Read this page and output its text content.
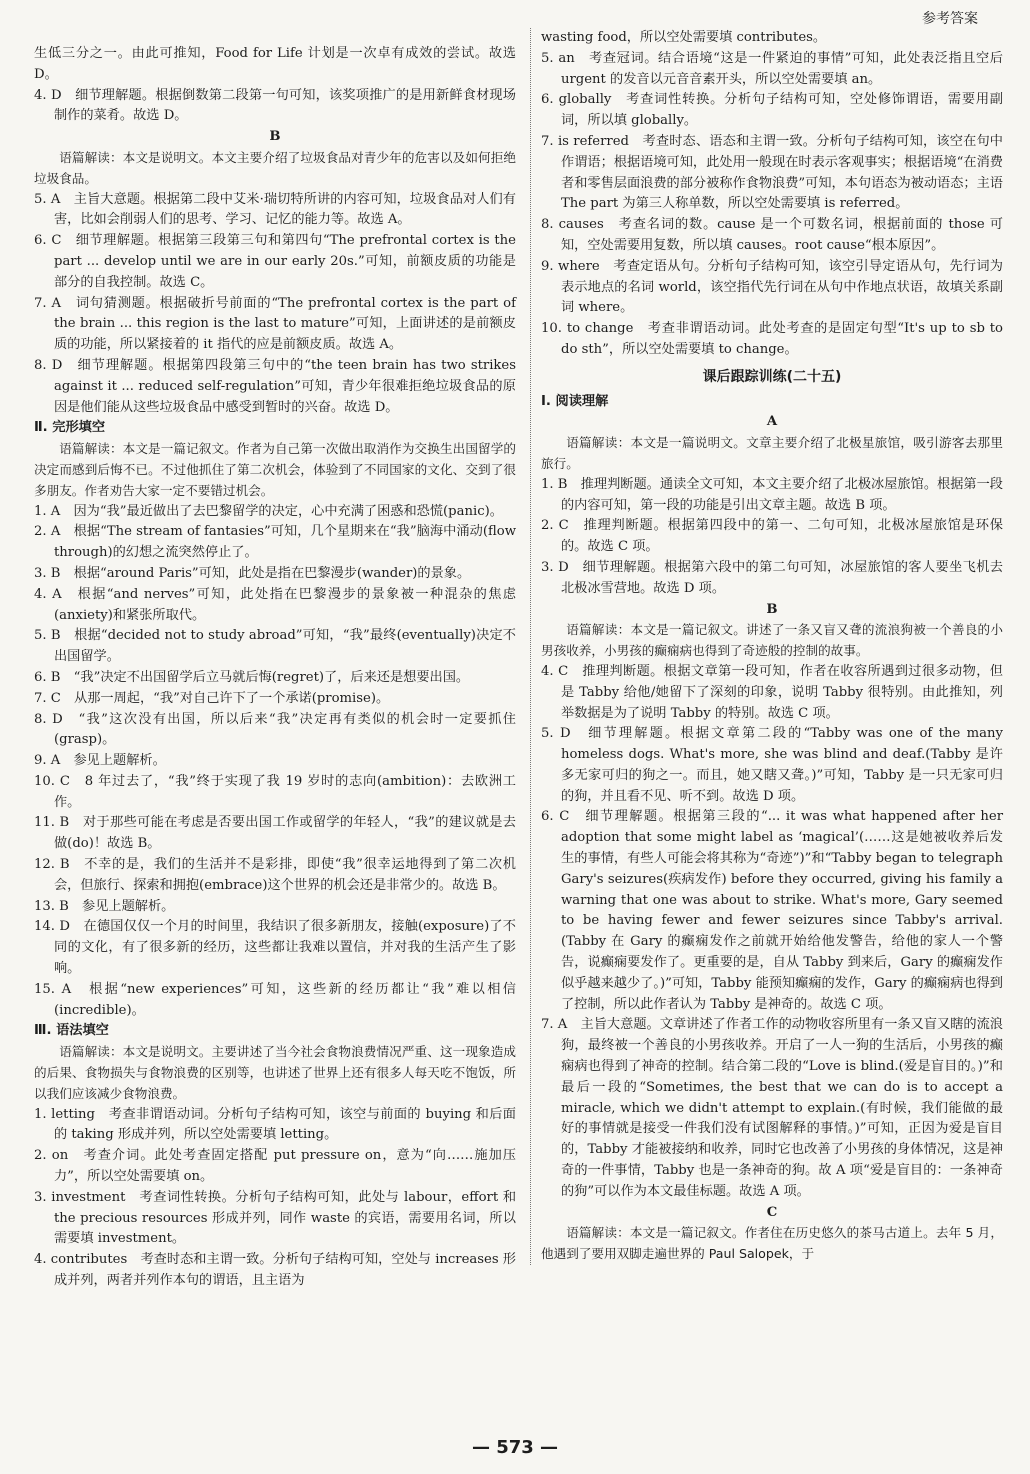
参考答案
生低三分之一。由此可推知，Food for Life 计划是一次卓有成效的尝试。故选 D。
4. D　细节理解题。根据倒数第二段第一句可知，该奖项推广的是用新鲜食材现场制作的菜肴。故选 D。
B
语篇解读：本文是说明文。本文主要介绍了垃圾食品对青少年的危害以及如何拒绝垃圾食品。
5. A　主旨大意题。根据第二段中艾米·瑞切特所讲的内容可知，垃圾食品对人们有害，比如会削弱人们的思考、学习、记忆的能力等。故选 A。
6. C　细节理解题。根据第三段第三句和第四句“The prefrontal cortex is the part ... develop until we are in our early 20s.”可知，前额皮质的功能是部分的自我控制。故选 C。
7. A　词句猜测题。根据破折号前面的“The prefrontal cortex is the part of the brain ... this region is the last to mature”可知，上面讲述的是前额皮质的功能，所以紧接着的 it 指代的应是前额皮质。故选 A。
8. D　细节理解题。根据第四段第三句中的“the teen brain has two strikes against it ... reduced self-regulation”可知，青少年很难拒绝垃圾食品的原因是他们能从这些垃圾食品中感受到暂时的兴奋。故选 D。
Ⅱ. 完形填空
语篇解读：本文是一篇记叙文。作者为自己第一次做出取消作为交换生出国留学的决定而感到后悔不已。不过他抓住了第二次机会，体验到了不同国家的文化、交到了很多朋友。作者劝告大家一定不要错过机会。
1. A　因为“我”最近做出了去巴黎留学的决定，心中充满了困惑和恐慌(panic)。
2. A　根据“The stream of fantasies”可知，几个星期来在“我”脑海中涌动(flow through)的幻想之流突然停止了。
3. B　根据“around Paris”可知，此处是指在巴黎漫步(wander)的景象。
4. A　根据“and nerves”可知，此处指在巴黎漫步的景象被一种混杂的焦虑(anxiety)和紧张所取代。
5. B　根据“decided not to study abroad”可知，“我”最终(eventually)决定不出国留学。
6. B　“我”决定不出国留学后立马就后悔(regret)了，后来还是想要出国。
7. C　从那一周起，“我”对自己许下了一个承诺(promise)。
8. D　“我”这次没有出国，所以后来“我”决定再有类似的机会时一定要抓住(grasp)。
9. A　参见上题解析。
10. C　8 年过去了，“我”终于实现了我 19 岁时的志向(ambition)：去欧洲工作。
11. B　对于那些可能在考虑是否要出国工作或留学的年轻人，“我”的建议就是去做(do)！故选 B。
12. B　不幸的是，我们的生活并不是彩排，即使“我”很幸运地得到了第二次机会，但旅行、探索和拥抱(embrace)这个世界的机会还是非常少的。故选 B。
13. B　参见上题解析。
14. D　在德国仅仅一个月的时间里，我结识了很多新朋友，接触(exposure)了不同的文化，有了很多新的经历，这些都让我难以置信，并对我的生活产生了影响。
15. A　根据“new experiences”可知，这些新的经历都让“我”难以相信(incredible)。
Ⅲ. 语法填空
语篇解读：本文是说明文。主要讲述了当今社会食物浪费情况严重、这一现象造成的后果、食物损失与食物浪费的区别等，也讲述了世界上还有很多人每天吃不饱饭，所以我们应该减少食物浪费。
1. letting　考查非谓语动词。分析句子结构可知，该空与前面的 buying 和后面的 taking 形成并列，所以空处需要填 letting。
2. on　考查介词。此处考查固定搭配 put pressure on，意为“向……施加压力”，所以空处需要填 on。
3. investment　考查词性转换。分析句子结构可知，此处与 labour，effort 和 the precious resources 形成并列，同作 waste 的宾语，需要用名词，所以需要填 investment。
4. contributes　考查时态和主谓一致。分析句子结构可知，空处与 increases 形成并列，两者并列作本句的谓语，且主语为
wasting food，所以空处需要填 contributes。
5. an　考查冠词。结合语境“这是一件紧迫的事情”可知，此处表泛指且空后 urgent 的发音以元音音素开头，所以空处需要填 an。
6. globally　考查词性转换。分析句子结构可知，空处修饰谓语，需要用副词，所以填 globally。
7. is referred　考查时态、语态和主谓一致。分析句子结构可知，该空在句中作谓语；根据语境可知，此处用一般现在时表示客观事实；根据语境“在消费者和零售层面浪费的部分被称作食物浪费”可知，本句语态为被动语态；主语 The part 为第三人称单数，所以空处需要填 is referred。
8. causes　考查名词的数。cause 是一个可数名词，根据前面的 those 可知，空处需要用复数，所以填 causes。root cause“根本原因”。
9. where　考查定语从句。分析句子结构可知，该空引导定语从句，先行词为表示地点的名词 world，该空指代先行词在从句中作地点状语，故填关系副词 where。
10. to change　考查非谓语动词。此处考查的是固定句型“It's up to sb to do sth”，所以空处需要填 to change。
课后跟踪训练(二十五)
Ⅰ. 阅读理解
A
语篇解读：本文是一篇说明文。文章主要介绍了北极星旅馆，吸引游客去那里旅行。
1. B　推理判断题。通读全文可知，本文主要介绍了北极冰屋旅馆。根据第一段的内容可知，第一段的功能是引出文章主题。故选 B 项。
2. C　推理判断题。根据第四段中的第一、二句可知，北极冰屋旅馆是环保的。故选 C 项。
3. D　细节理解题。根据第六段中的第二句可知，冰屋旅馆的客人要坐飞机去北极冰雪营地。故选 D 项。
B
语篇解读：本文是一篇记叙文。讲述了一条又盲又聋的流浪狗被一个善良的小男孩收养，小男孩的癫痫病也得到了奇迹般的控制的故事。
4. C　推理判断题。根据文章第一段可知，作者在收容所遇到过很多动物，但是 Tabby 给他/她留下了深刻的印象，说明 Tabby 很特别。由此推知，列举数据是为了说明 Tabby 的特别。故选 C 项。
5. D　细节理解题。根据文章第二段的“Tabby was one of the many homeless dogs. What's more, she was blind and deaf.(Tabby 是许多无家可归的狗之一。而且，她又瞎又聋。)”可知，Tabby 是一只无家可归的狗，并且看不见、听不到。故选 D 项。
6. C　细节理解题。根据第三段的“... it was what happened after her adoption that some might label as ‘magical’(……这是她被收养后发生的事情，有些人可能会将其称为“奇迹”)”和“Tabby began to telegraph Gary's seizures(疾病发作) before they occurred, giving his family a warning that one was about to strike. What's more, Gary seemed to be having fewer and fewer seizures since Tabby's arrival.(Tabby 在 Gary 的癫痫发作之前就开始给他发警告，给他的家人一个警告，说癫痫要发作了。更重要的是，自从 Tabby 到来后，Gary 的癫痫发作似乎越来越少了。)”可知，Tabby 能预知癫痫的发作，Gary 的癫痫病也得到了控制，所以此作者认为 Tabby 是神奇的。故选 C 项。
7. A　主旨大意题。文章讲述了作者工作的动物收容所里有一条又盲又瞎的流浪狗，最终被一个善良的小男孩收养。开启了一人一狗的生活后，小男孩的癫痫病也得到了神奇的控制。结合第二段的“Love is blind.(爱是盲目的。)”和最后一段的“Sometimes, the best that we can do is to accept a miracle, which we didn't attempt to explain.(有时候，我们能做的最好的事情就是接受一件我们没有试图解释的事情。)”可知，正因为爱是盲目的，Tabby 才能被接纳和收养，同时它也改善了小男孩的身体情况，这是神奇的一件事情，Tabby 也是一条神奇的狗。故 A 项“爱是盲目的：一条神奇的狗”可以作为本文最佳标题。故选 A 项。
C
语篇解读：本文是一篇记叙文。作者住在历史悠久的茶马古道上。去年 5 月，他遇到了要用双脚走遍世界的 Paul Salopek，于
— 573 —
